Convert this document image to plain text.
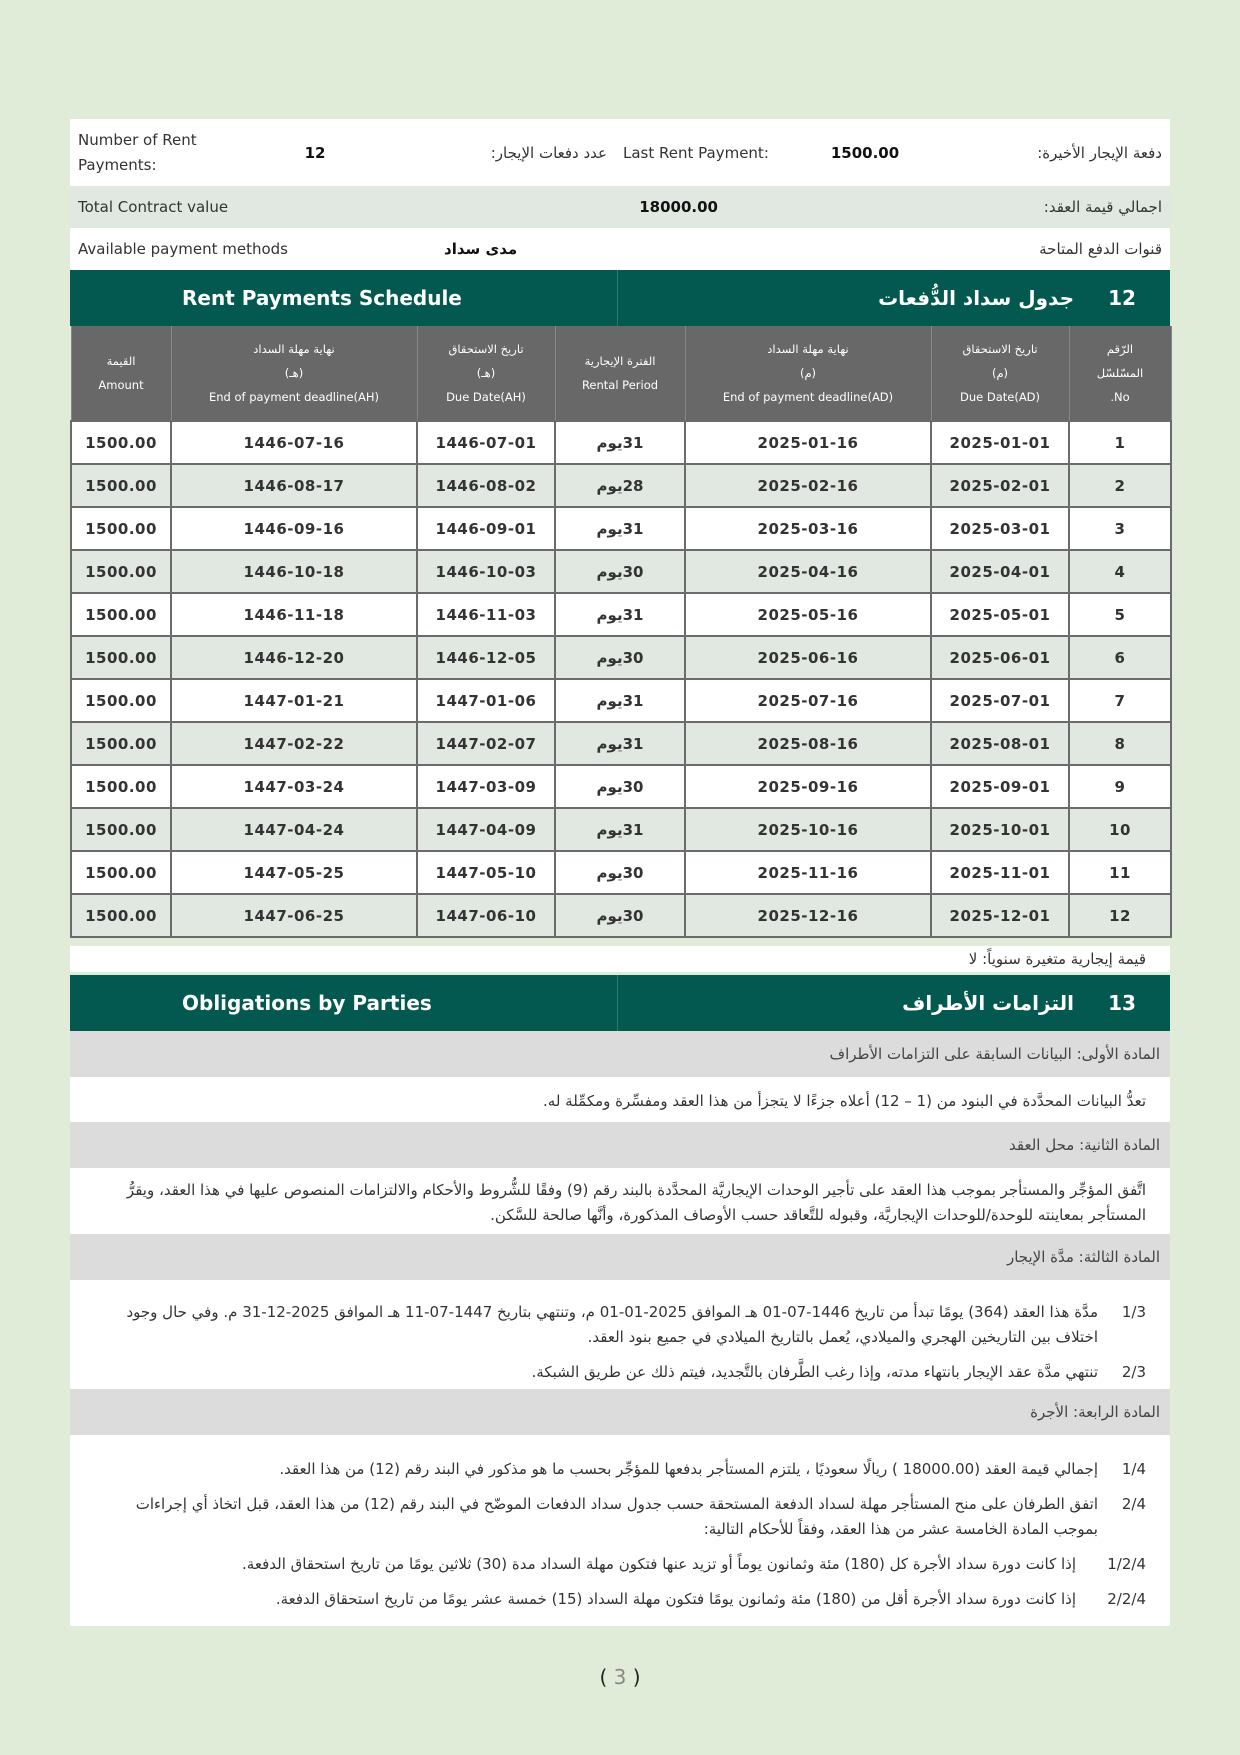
Number of Rent Payments:
12	عدد دفعات الإيجار:	Last Rent Payment:	1500.00	دفعة الإيجار الأخيرة:
Total Contract value	18000.00	اجمالي قيمة العقد:
Available payment methods	مدى سداد	قنوات الدفع المتاحة
Rent Payments Schedule	12
جدول سداد الدُّفعات
القيمة
Amount

نهاية مهلة السداد
(هـ)
End of payment deadline(AH)

تاريخ الاستحقاق
(هـ)
Due Date(AH)

الفترة الإيجارية
Rental Period

نهاية مهلة السداد
(م)
End of payment deadline(AD)

تاريخ الاستحقاق
(م)
Due Date(AD)

الرّقم
المسّلسّل
.No

1500.00	1446-07-16	1446-07-01	31يوم	2025-01-16	2025-01-01	1
1500.00	1446-08-17	1446-08-02	28يوم	2025-02-16	2025-02-01	2
1500.00	1446-09-16	1446-09-01	31يوم	2025-03-16	2025-03-01	3
1500.00	1446-10-18	1446-10-03	30يوم	2025-04-16	2025-04-01	4
1500.00	1446-11-18	1446-11-03	31يوم	2025-05-16	2025-05-01	5
1500.00	1446-12-20	1446-12-05	30يوم	2025-06-16	2025-06-01	6
1500.00	1447-01-21	1447-01-06	31يوم	2025-07-16	2025-07-01	7
1500.00	1447-02-22	1447-02-07	31يوم	2025-08-16	2025-08-01	8
1500.00	1447-03-24	1447-03-09	30يوم	2025-09-16	2025-09-01	9
1500.00	1447-04-24	1447-04-09	31يوم	2025-10-16	2025-10-01	10
1500.00	1447-05-25	1447-05-10	30يوم	2025-11-16	2025-11-01	11
1500.00	1447-06-25	1447-06-10	30يوم	2025-12-16	2025-12-01	12
قيمة إيجارية متغيرة سنوياً: لا
Obligations by Parties	13
التزامات الأطراف
المادة الأولى: البيانات السابقة على التزامات الأطراف

تعدُّ البيانات المحدَّدة في البنود من (1 – 12) أعلاه جزءًا لا يتجزأ من هذا العقد ومفسِّرة ومكمِّلة له.

المادة الثانية: محل العقد

اتَّفق المؤجِّر والمستأجر بموجب هذا العقد على تأجير الوحدات الإيجاريَّة المحدَّدة بالبند رقم (9) وفقًا للشُّروط والأحكام والالتزامات المنصوص عليها في هذا العقد، ويقرُّ المستأجر بمعاينته للوحدة/للوحدات الإيجاريَّة، وقبوله للتَّعاقد حسب الأوصاف المذكورة، وأنَّها صالحة للسَّكن.

المادة الثالثة: مدَّة الإيجار
1/3
مدَّة هذا العقد (364) يومًا تبدأ من تاريخ 1446-07-01 هـ الموافق 2025-01-01 م، وتنتهي بتاريخ 1447-07-11 هـ الموافق 2025-12-31 م. وفي حال وجود اختلاف بين التاريخين الهجري والميلادي، يُعمل بالتاريخ الميلادي في جميع بنود العقد.
2/3
تنتهي مدَّة عقد الإيجار بانتهاء مدته، وإذا رغب الطَّرفان بالتَّجديد، فيتم ذلك عن طريق الشبكة.
المادة الرابعة: الأجرة
1/4
إجمالي قيمة العقد (18000.00 ) ريالًا سعوديًا ، يلتزم المستأجر بدفعها للمؤجِّر بحسب ما هو مذكور في البند رقم (12) من هذا العقد.
2/4
اتفق الطرفان على منح المستأجر مهلة لسداد الدفعة المستحقة حسب جدول سداد الدفعات الموضّح في البند رقم (12) من هذا العقد، قبل اتخاذ أي إجراءات بموجب المادة الخامسة عشر من هذا العقد، وفقاً للأحكام التالية:
1/2/4
إذا كانت دورة سداد الأجرة كل (180) مئة وثمانون يوماً أو تزيد عنها فتكون مهلة السداد مدة (30) ثلاثين يومًا من تاريخ استحقاق الدفعة.
2/2/4
إذا كانت دورة سداد الأجرة أقل من (180) مئة وثمانون يومًا فتكون مهلة السداد (15) خمسة عشر يومًا من تاريخ استحقاق الدفعة.
( 3 )
